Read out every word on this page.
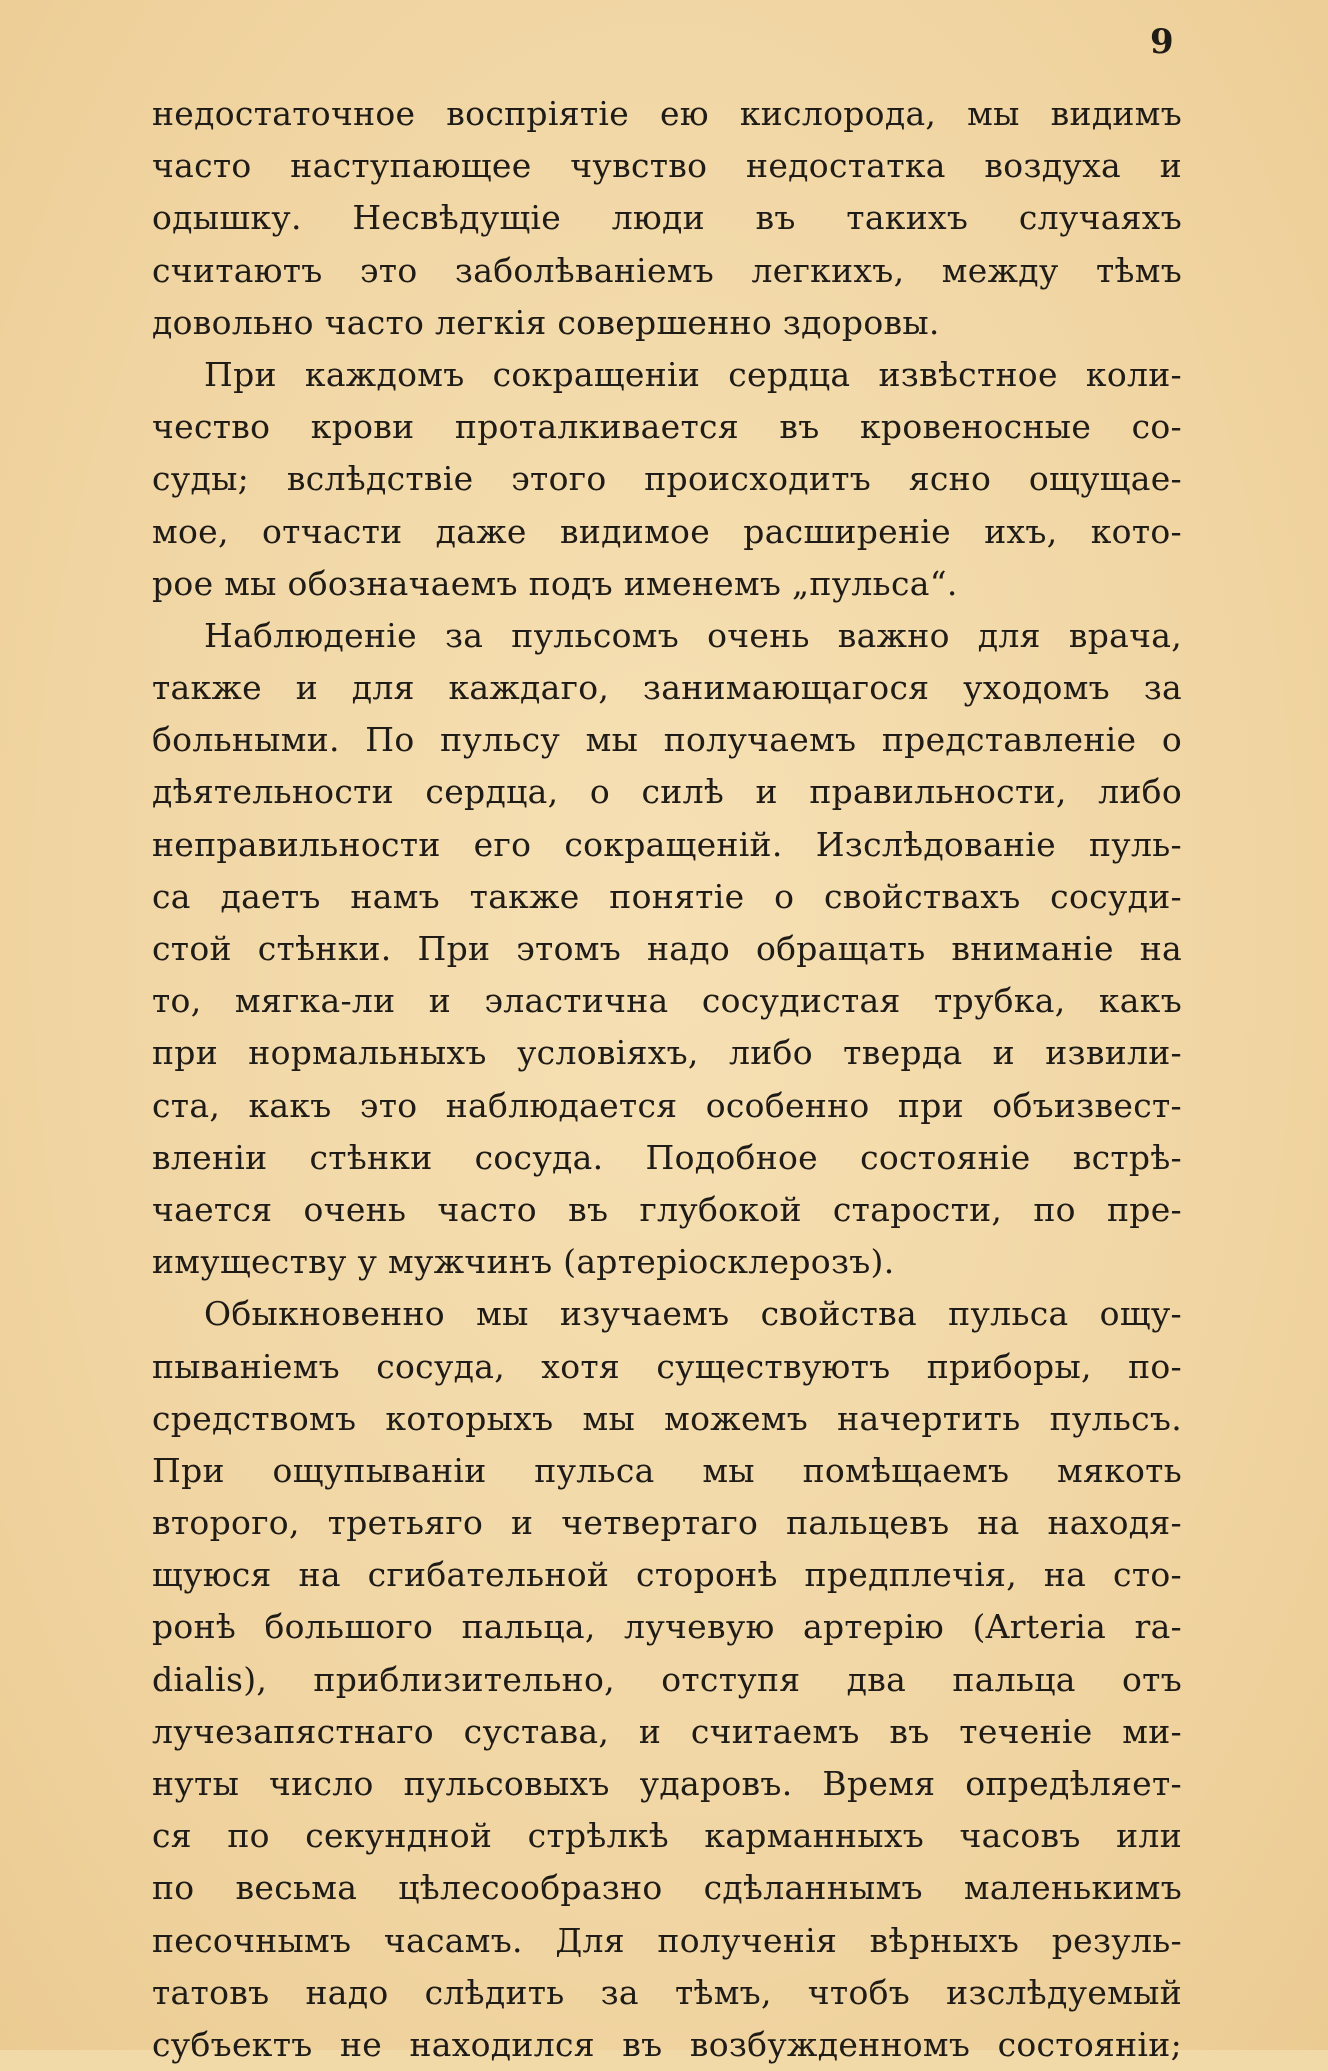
9
недостаточное воспріятіе ею кислорода, мы видимъ
часто наступающее чувство недостатка воздуха и
одышку. Несвѣдущіе люди въ такихъ случаяхъ
считаютъ это заболѣваніемъ легкихъ, между тѣмъ
довольно часто легкія совершенно здоровы.
При каждомъ сокращеніи сердца извѣстное коли-
чество крови проталкивается въ кровеносные со-
суды; вслѣдствіе этого происходитъ ясно ощущае-
мое, отчасти даже видимое расширеніе ихъ, кото-
рое мы обозначаемъ подъ именемъ „пульса“.
Наблюденіе за пульсомъ очень важно для врача,
также и для каждаго, занимающагося уходомъ за
больными. По пульсу мы получаемъ представленіе о
дѣятельности сердца, о силѣ и правильности, либо
неправильности его сокращеній. Изслѣдованіе пуль-
са даетъ намъ также понятіе о свойствахъ сосуди-
стой стѣнки. При этомъ надо обращать вниманіе на
то, мягка-ли и эластична сосудистая трубка, какъ
при нормальныхъ условіяхъ, либо тверда и извили-
ста, какъ это наблюдается особенно при объизвест-
вленіи стѣнки сосуда. Подобное состояніе встрѣ-
чается очень часто въ глубокой старости, по пре-
имуществу у мужчинъ (артеріосклерозъ).
Обыкновенно мы изучаемъ свойства пульса ощу-
пываніемъ сосуда, хотя существуютъ приборы, по-
средствомъ которыхъ мы можемъ начертить пульсъ.
При ощупываніи пульса мы помѣщаемъ мякоть
второго, третьяго и четвертаго пальцевъ на находя-
щуюся на сгибательной сторонѣ предплечія, на сто-
ронѣ большого пальца, лучевую артерію (Arteria ra-
dialis), приблизительно, отступя два пальца отъ
лучезапястнаго сустава, и считаемъ въ теченіе ми-
нуты число пульсовыхъ ударовъ. Время опредѣляет-
ся по секундной стрѣлкѣ карманныхъ часовъ или
по весьма цѣлесообразно сдѣланнымъ маленькимъ
песочнымъ часамъ. Для полученія вѣрныхъ резуль-
татовъ надо слѣдить за тѣмъ, чтобъ изслѣдуемый
субъектъ не находился въ возбужденномъ состояніи;
